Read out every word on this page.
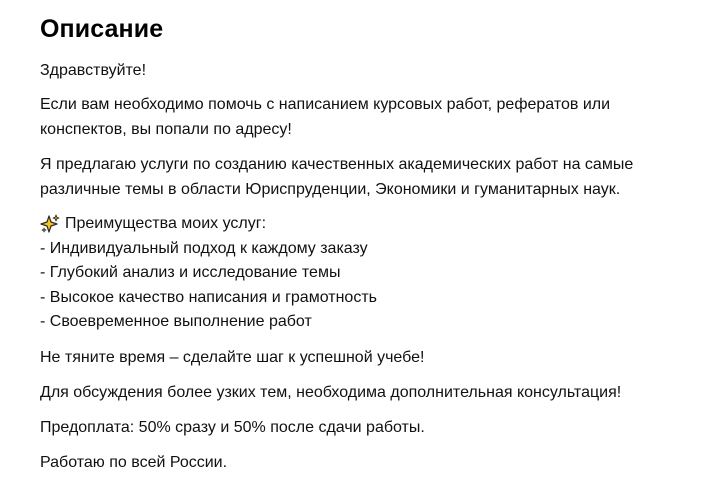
Описание

Здравствуйте!

Если вам необходимо помочь с написанием курсовых работ, рефератов или конспектов, вы попали по адресу!

Я предлагаю услуги по созданию качественных академических работ на самые различные темы в области Юриспруденции, Экономики и гуманитарных наук.

Преимущества моих услуг:
- Индивидуальный подход к каждому заказу
- Глубокий анализ и исследование темы
- Высокое качество написания и грамотность
- Своевременное выполнение работ

Не тяните время – сделайте шаг к успешной учебе!

Для обсуждения более узких тем, необходима дополнительная консультация!

Предоплата: 50% сразу и 50% после сдачи работы.

Работаю по всей России.
